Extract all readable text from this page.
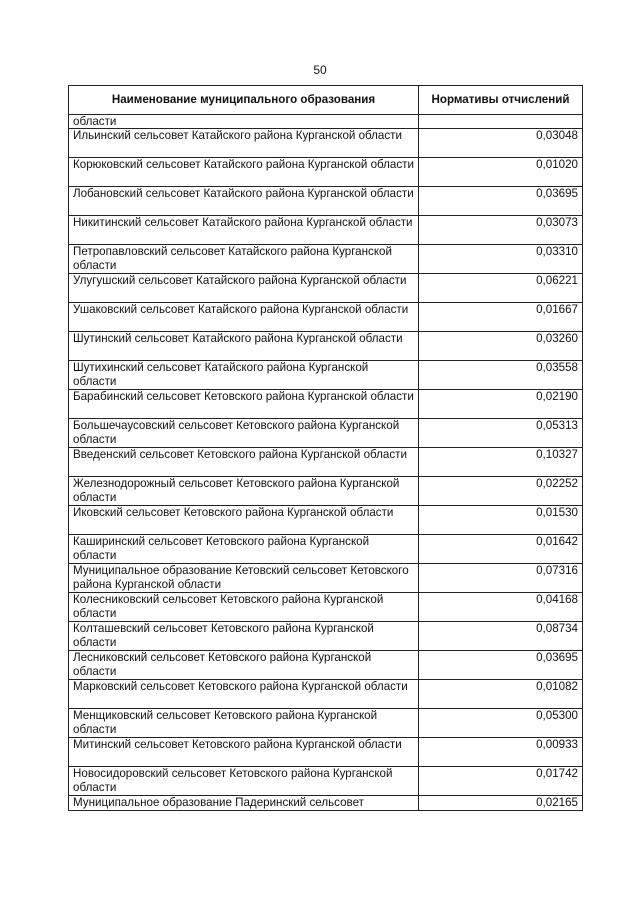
50
Наименование муниципального образования	Нормативы отчислений
области	
Ильинский сельсовет Катайского района Курганской области	0,03048
Корюковский сельсовет Катайского района Курганской области	0,01020
Лобановский сельсовет Катайского района Курганской области	0,03695
Никитинский сельсовет Катайского района Курганской области	0,03073
Петропавловский сельсовет Катайского района Курганской области	0,03310
Улугушский сельсовет Катайского района Курганской области	0,06221
Ушаковский сельсовет Катайского района Курганской области	0,01667
Шутинский сельсовет Катайского района Курганской области	0,03260
Шутихинский сельсовет Катайского района Курганской области	0,03558
Барабинский сельсовет Кетовского района Курганской области	0,02190
Большечаусовский сельсовет Кетовского района Курганской области	0,05313
Введенский сельсовет Кетовского района Курганской области	0,10327
Железнодорожный сельсовет Кетовского района Курганской области	0,02252
Иковский сельсовет Кетовского района Курганской области	0,01530
Каширинский сельсовет Кетовского района Курганской области	0,01642
Муниципальное образование Кетовский сельсовет Кетовского района Курганской области	0,07316
Колесниковский сельсовет Кетовского района Курганской области	0,04168
Колташевский сельсовет Кетовского района Курганской области	0,08734
Лесниковский сельсовет Кетовского района Курганской области	0,03695
Марковский сельсовет Кетовского района Курганской области	0,01082
Менщиковский сельсовет Кетовского района Курганской области	0,05300
Митинский сельсовет Кетовского района Курганской области	0,00933
Новосидоровский сельсовет Кетовского района Курганской области	0,01742
Муниципальное образование Падеринский сельсовет	0,02165
